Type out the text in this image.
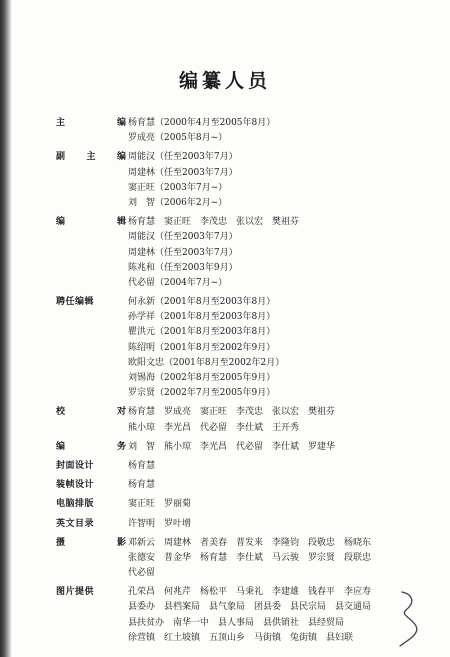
编纂人员
主	编 杨育慧（2000年4月至2005年8月）
罗成亮（2005年8月~）
副 主 编 周能汉（任至2003年7月）
周建林（任至2003年7月）
窦正旺（2003年7月~）
刘　智（2006年2月~）
编	辑 杨育慧　窦正旺　李茂忠　张以宏　樊祖芬
周能汉（任至2003年7月）
周建林（任至2003年7月）
陈兆和（任至2003年9月）
代必留（2004年7月~）
聘任编辑	何永新（2001年8月至2003年8月）
孙学祥（2001年8月至2003年8月）
瞿洪元（2001年8月至2003年8月）
陈绍明（2001年8月至2002年9月）
欧阳文忠（2001年8月至2002年2月）
刘锡海（2002年8月至2005年9月）
罗宗贤（2002年7月至2005年9月）
校	对 杨育慧　罗成亮　窦正旺　李茂忠　张以宏　樊祖芬
熊小琼　李光昌　代必留　李仕斌　王开秀
编	务 刘　智　熊小琼　李光昌　代必留　李仕斌　罗建华
封面设计	杨育慧
装帧设计	杨育慧
电脑排版	窦正旺　罗丽菊
英文目录	许智明　罗叶增
摄	影 邓新云　周建林　者美春　普发来　李隆钧　段敬忠　杨晓东
张德安　普金华　杨育慧　李仕斌　马云骏　罗宗贤　段联忠
代必留
图片提供	孔荣昌　何兆芹　杨松平　马秉礼　李建雄　钱春平　李应寿
县委办　县档案局　县气象局　团县委　县民宗局　县交通局
县扶贫办　南华一中　县人事局　县供销社　县经贸局
徐营镇　红土坡镇　五顶山乡　马街镇　兔街镇　县妇联
